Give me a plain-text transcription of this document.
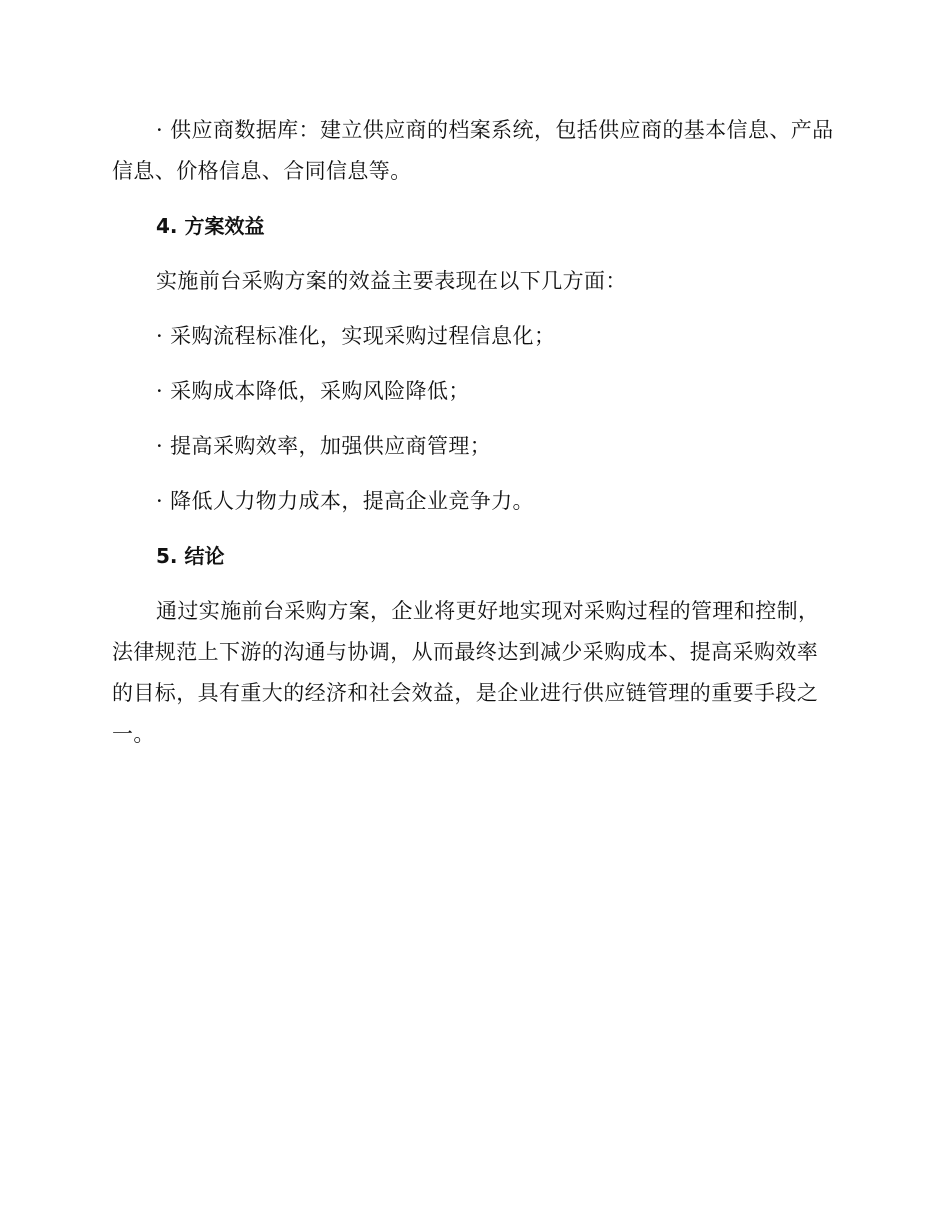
· 供应商数据库：建立供应商的档案系统，包括供应商的基本信息、产品信息、价格信息、合同信息等。

4. 方案效益

实施前台采购方案的效益主要表现在以下几方面：

· 采购流程标准化，实现采购过程信息化；

· 采购成本降低，采购风险降低；

· 提高采购效率，加强供应商管理；

· 降低人力物力成本，提高企业竞争力。

5. 结论

通过实施前台采购方案，企业将更好地实现对采购过程的管理和控制，法律规范上下游的沟通与协调，从而最终达到减少采购成本、提高采购效率的目标，具有重大的经济和社会效益，是企业进行供应链管理的重要手段之一。
